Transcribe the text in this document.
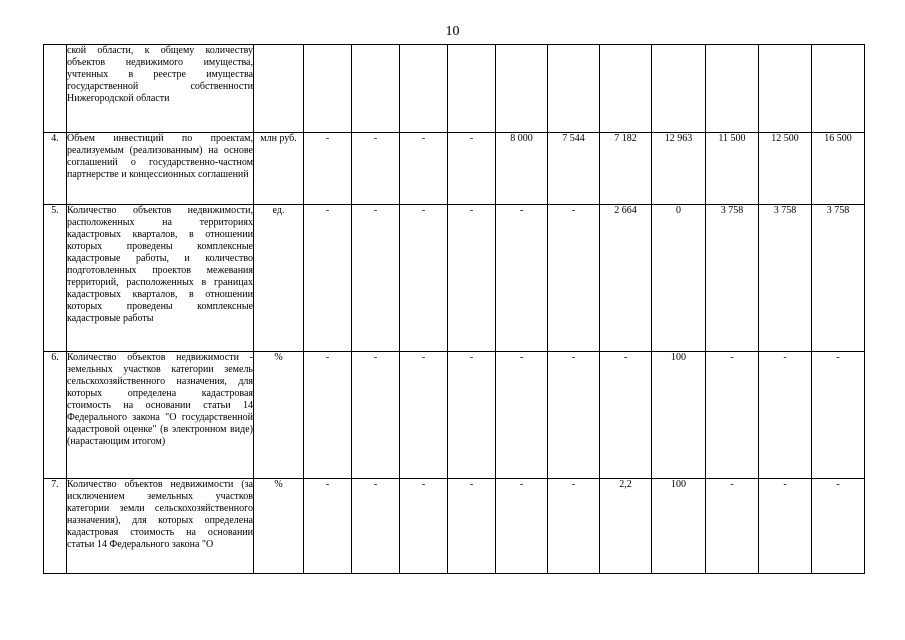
10
	ской области, к общему количеству объектов недвижимого имущества, учтенных в реестре имущества государственной собственности Нижегородской области												
4.	Объем инвестиций по проектам, реализуемым (реализованным) на основе соглашений о государственно-частном партнерстве и концессионных соглашений	млн руб.	-	-	-	-	8 000	7 544	7 182	12 963	11 500	12 500	16 500
5.	Количество объектов недвижимости, расположенных на территориях кадастровых кварталов, в отношении которых проведены комплексные кадастровые работы, и количество подготовленных проектов межевания территорий, расположенных в границах кадастровых кварталов, в отношении которых проведены комплексные кадастровые работы	ед.	-	-	-	-	-	-	2 664	0	3 758	3 758	3 758
6.	Количество объектов недвижимости - земельных участков категории земель сельскохозяйственного назначения, для которых определена кадастровая стоимость на основании статьи 14 Федерального закона "О государственной кадастровой оценке" (в электронном виде) (нарастающим итогом)	%	-	-	-	-	-	-	-	100	-	-	-
7.	Количество объектов недвижимости (за исключением земельных участков категории земли сельскохозяйственного назначения), для которых определена кадастровая стоимость на основании статьи 14 Федерального закона "О	%	-	-	-	-	-	-	2,2	100	-	-	-
